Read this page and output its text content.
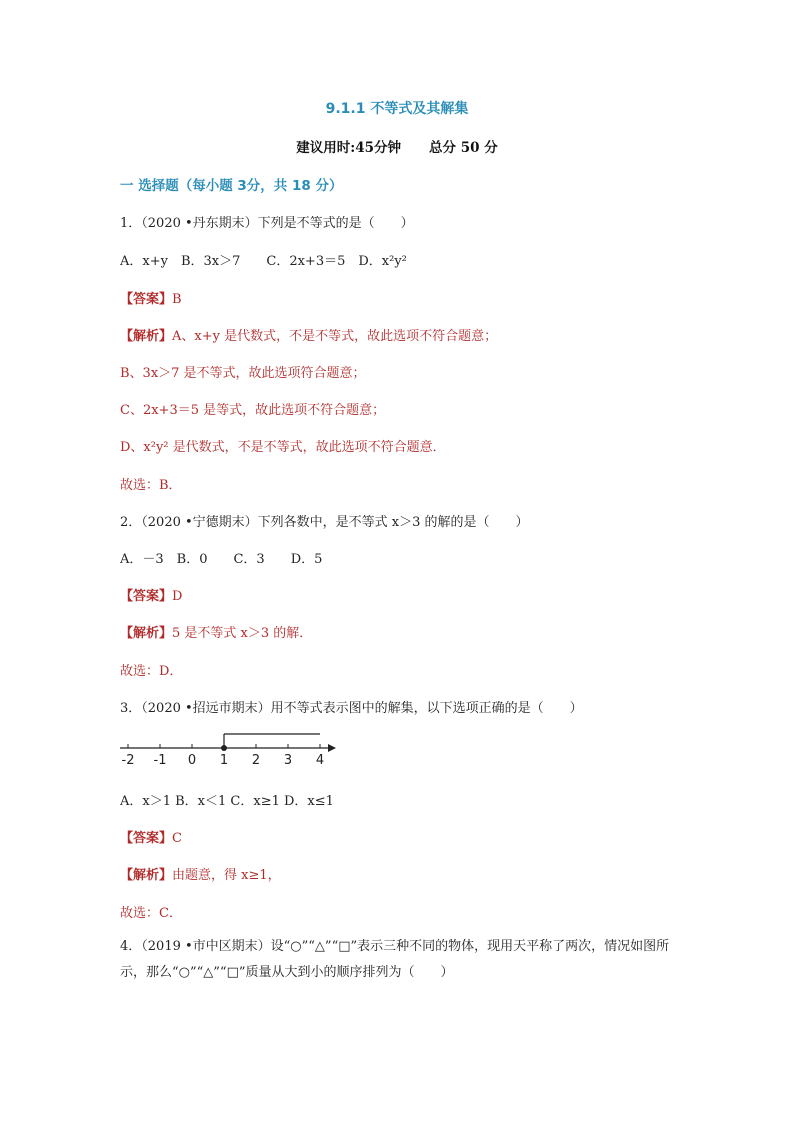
9.1.1 不等式及其解集
建议用时:45分钟 总分 50 分
一 选择题（每小题 3分，共 18 分）
1．（2020 •丹东期末）下列是不等式的是（　　）
A．x+y　B．3x＞7　　C．2x+3＝5　D．x²y²
【答案】B
【解析】A、x+y 是代数式，不是不等式，故此选项不符合题意；
B、3x＞7 是不等式，故此选项符合题意；
C、2x+3＝5 是等式，故此选项不符合题意；
D、x²y² 是代数式，不是不等式，故此选项不符合题意．
故选：B．
2．（2020 •宁德期末）下列各数中，是不等式 x＞3 的解的是（　　）
A．－3　B．0　　C．3　　D．5
【答案】D
【解析】5 是不等式 x＞3 的解．
故选：D．
3．（2020 •招远市期末）用不等式表示图中的解集，以下选项正确的是（　　）
-2 -1 0 1 2 3 4
A．x＞1 B．x＜1 C．x≥1 D．x≤1
【答案】C
【解析】由题意，得 x≥1，
故选：C．
4．（2019 •市中区期末）设“○”“△”“□”表示三种不同的物体，现用天平称了两次，情况如图所示，那么“○”“△”“□”质量从大到小的顺序排列为（　　）
